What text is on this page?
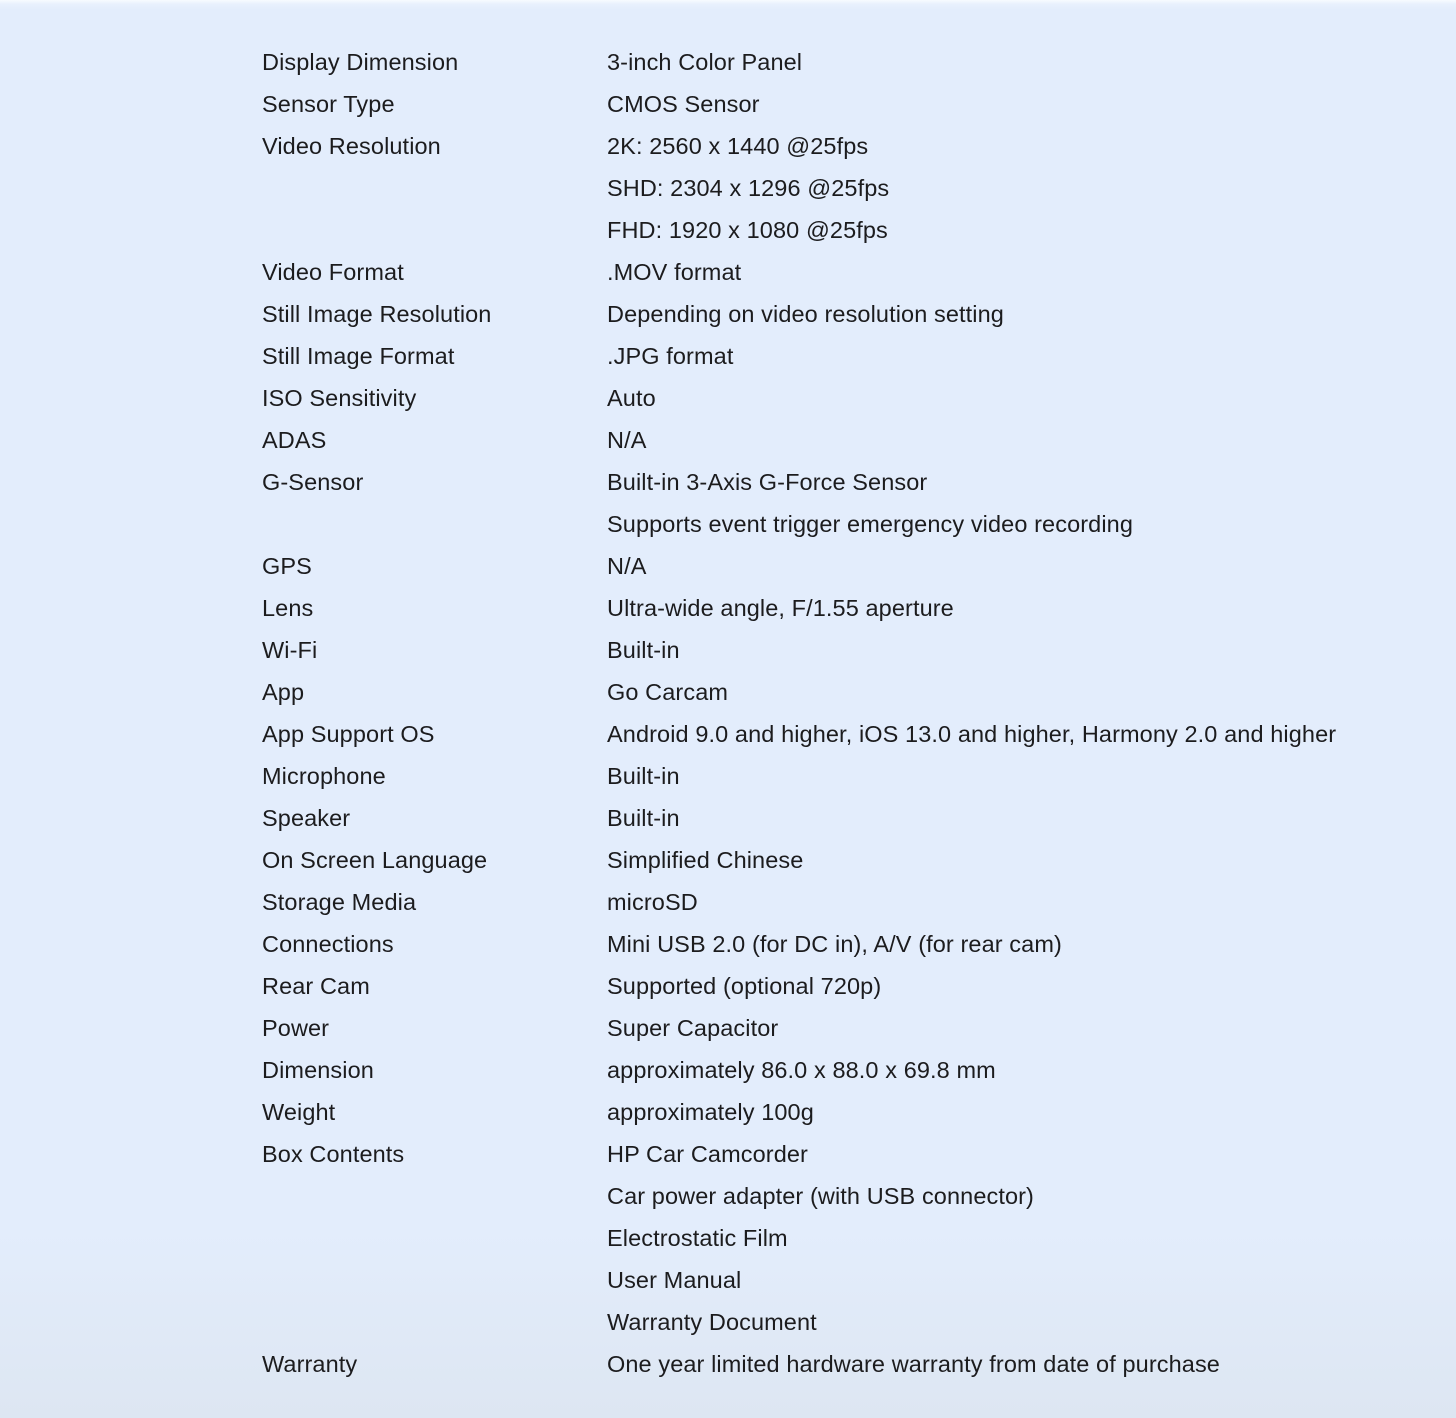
Display Dimension	3-inch Color Panel
Sensor Type	CMOS Sensor
Video Resolution	2K: 2560 x 1440 @25fps
SHD: 2304 x 1296 @25fps
FHD: 1920 x 1080 @25fps
Video Format	.MOV format
Still Image Resolution	Depending on video resolution setting
Still Image Format	.JPG format
ISO Sensitivity	Auto
ADAS	N/A
G-Sensor	Built-in 3-Axis G-Force Sensor
Supports event trigger emergency video recording
GPS	N/A
Lens	Ultra-wide angle, F/1.55 aperture
Wi-Fi	Built-in
App	Go Carcam
App Support OS	Android 9.0 and higher, iOS 13.0 and higher, Harmony 2.0 and higher
Microphone	Built-in
Speaker	Built-in
On Screen Language	Simplified Chinese
Storage Media	microSD
Connections	Mini USB 2.0 (for DC in), A/V (for rear cam)
Rear Cam	Supported (optional 720p)
Power	Super Capacitor
Dimension	approximately 86.0 x 88.0 x 69.8 mm
Weight	approximately 100g
Box Contents	HP Car Camcorder
Car power adapter (with USB connector)
Electrostatic Film
User Manual
Warranty Document
Warranty	One year limited hardware warranty from date of purchase
